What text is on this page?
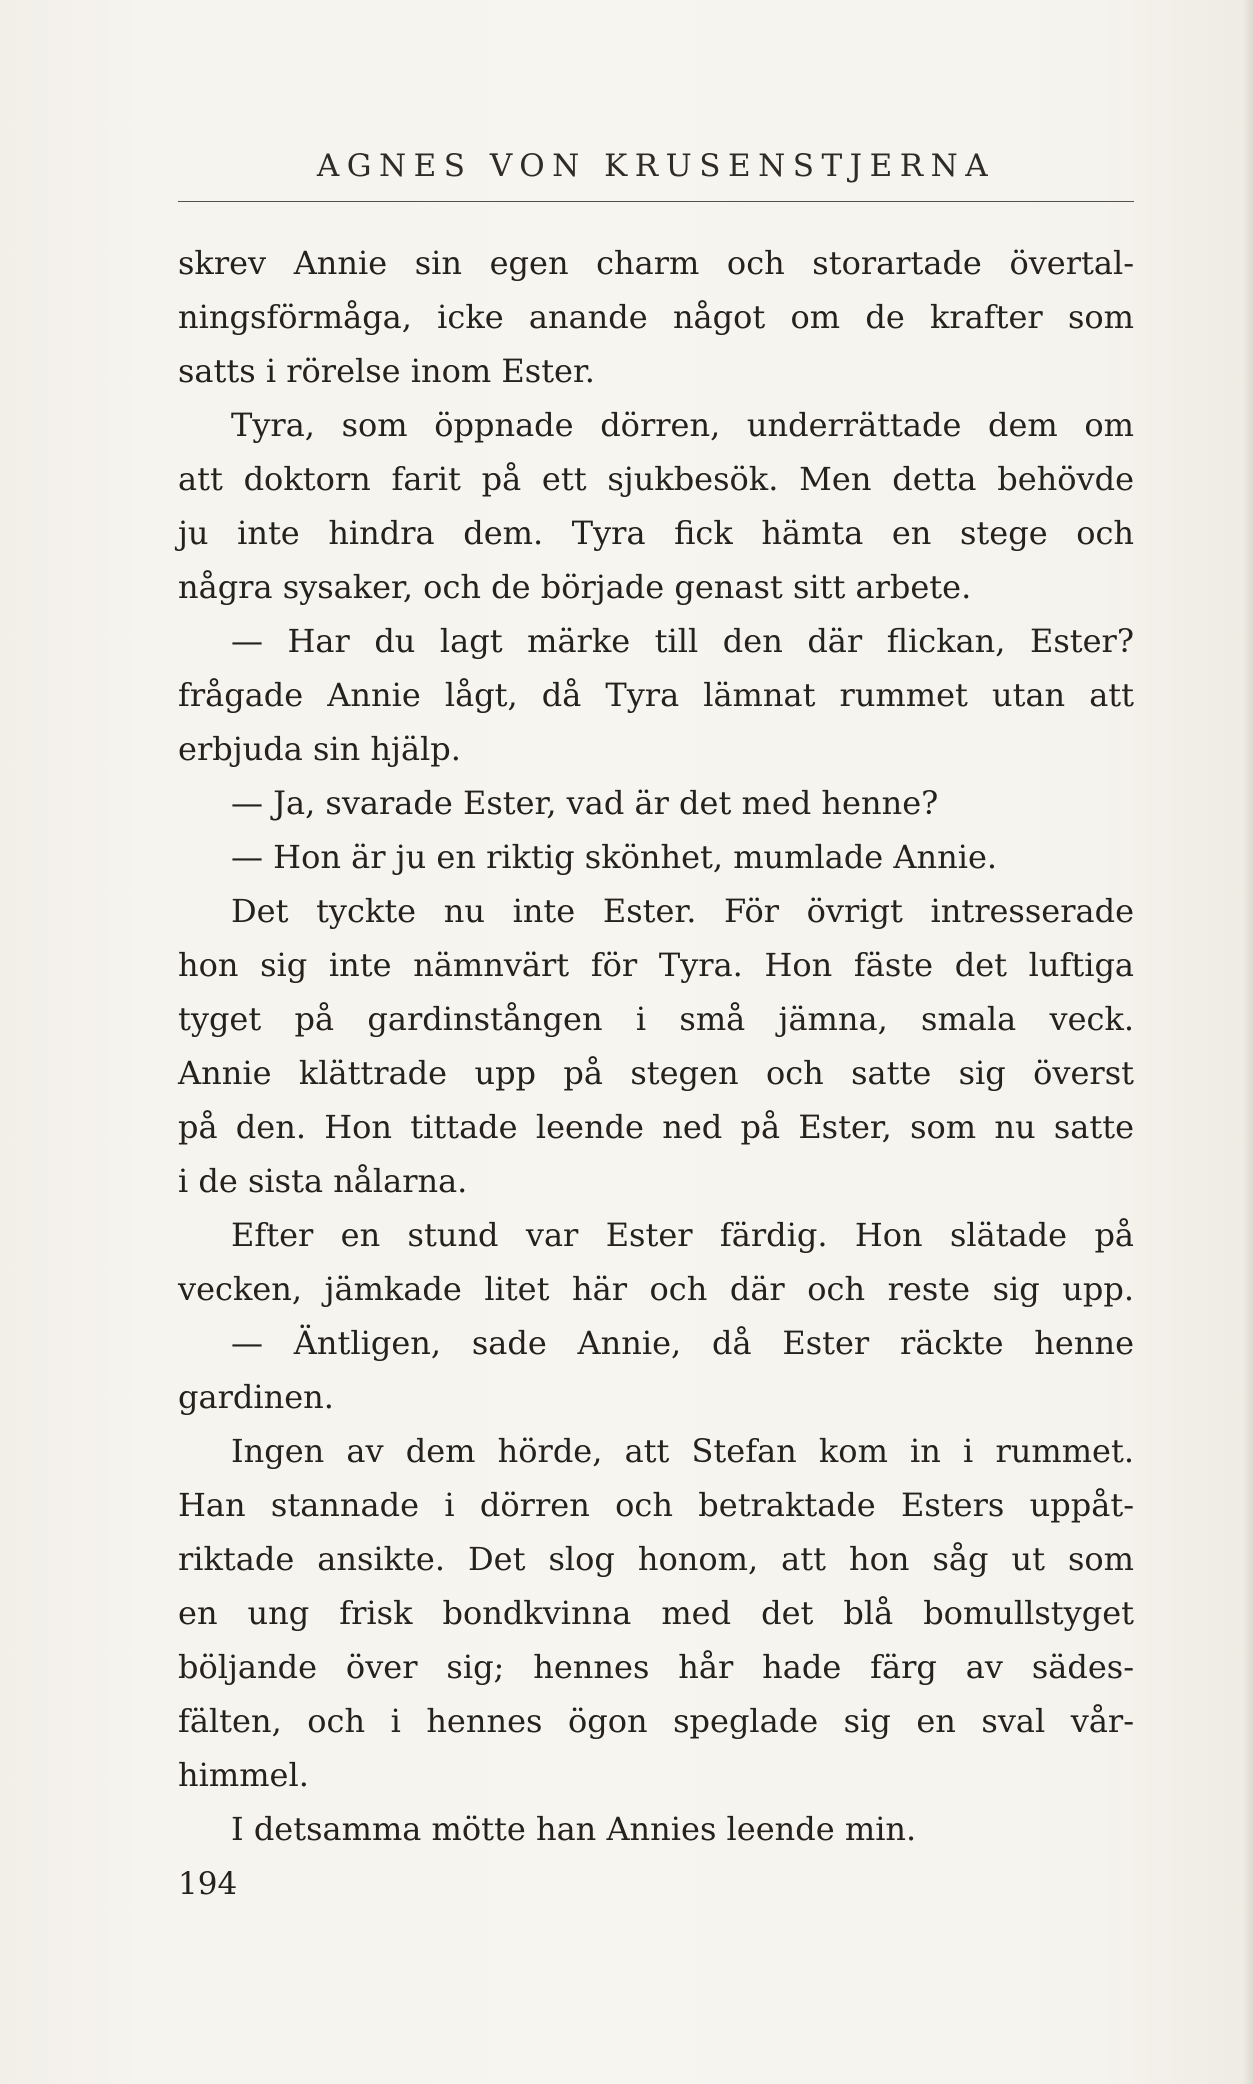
AGNES VON KRUSENSTJERNA
skrev Annie sin egen charm och storartade övertal-
ningsförmåga, icke anande något om de krafter som
satts i rörelse inom Ester.
Tyra, som öppnade dörren, underrättade dem om
att doktorn farit på ett sjukbesök. Men detta behövde
ju inte hindra dem. Tyra fick hämta en stege och
några sysaker, och de började genast sitt arbete.
— Har du lagt märke till den där flickan, Ester?
frågade Annie lågt, då Tyra lämnat rummet utan att
erbjuda sin hjälp.
— Ja, svarade Ester, vad är det med henne?
— Hon är ju en riktig skönhet, mumlade Annie.
Det tyckte nu inte Ester. För övrigt intresserade
hon sig inte nämnvärt för Tyra. Hon fäste det luftiga
tyget på gardinstången i små jämna, smala veck.
Annie klättrade upp på stegen och satte sig överst
på den. Hon tittade leende ned på Ester, som nu satte
i de sista nålarna.
Efter en stund var Ester färdig. Hon slätade på
vecken, jämkade litet här och där och reste sig upp.
— Äntligen, sade Annie, då Ester räckte henne
gardinen.
Ingen av dem hörde, att Stefan kom in i rummet.
Han stannade i dörren och betraktade Esters uppåt-
riktade ansikte. Det slog honom, att hon såg ut som
en ung frisk bondkvinna med det blå bomullstyget
böljande över sig; hennes hår hade färg av sädes-
fälten, och i hennes ögon speglade sig en sval vår-
himmel.
I detsamma mötte han Annies leende min.
194
